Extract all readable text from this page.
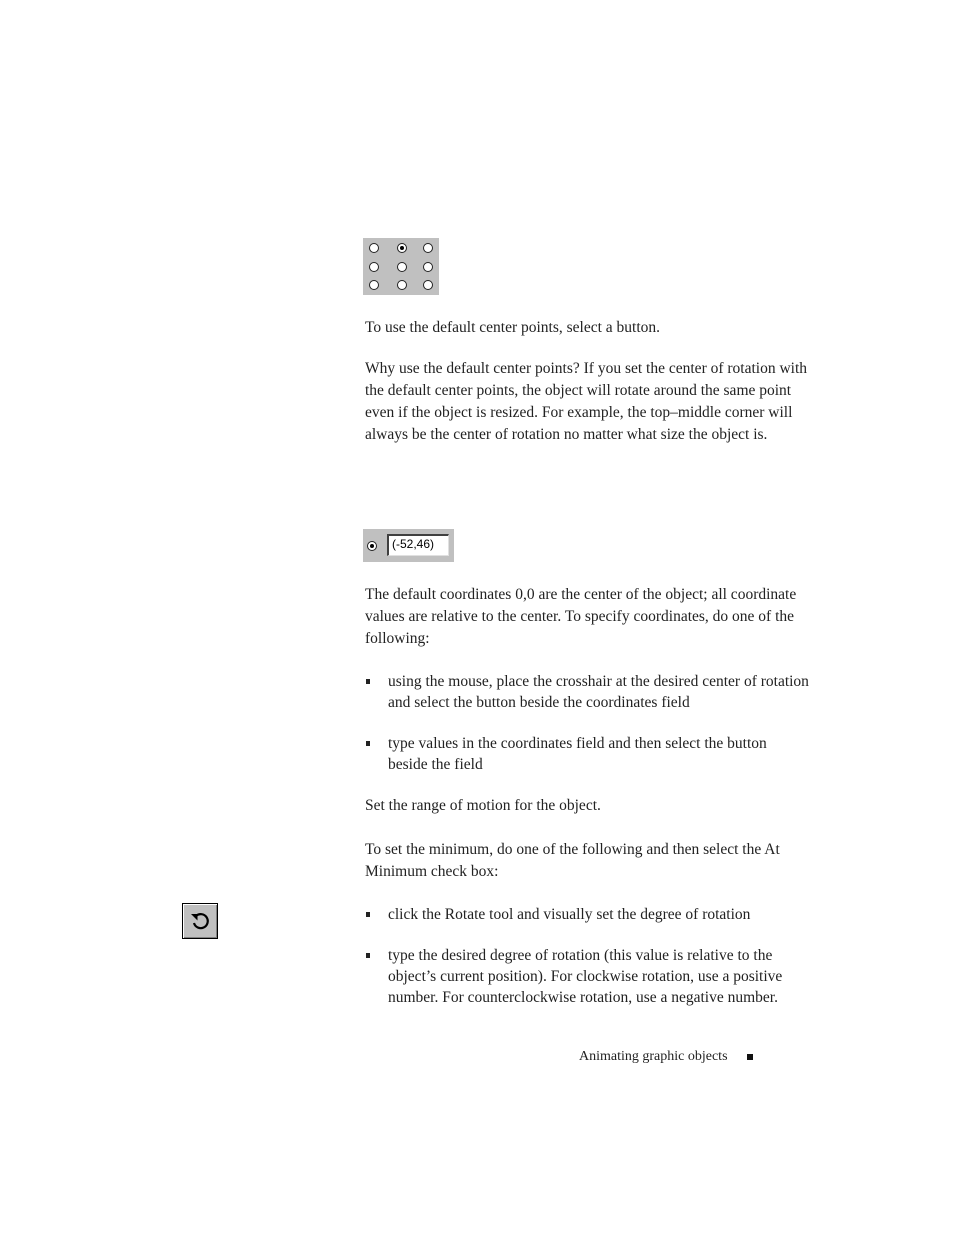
To use the default center points, select a button.

Why use the default center points? If you set the center of rotation with the default center points, the object will rotate around the same point even if the object is resized. For example, the top–middle corner will always be the center of rotation no matter what size the object is.

(-52,46)

The default coordinates 0,0 are the center of the object; all coordinate values are relative to the center. To specify coordinates, do one of the following:

using the mouse, place the crosshair at the desired center of rotation and select the button beside the coordinates field
type values in the coordinates field and then select the button beside the field

Set the range of motion for the object.

To set the minimum, do one of the following and then select the At Minimum check box:

click the Rotate tool and visually set the degree of rotation
type the desired degree of rotation (this value is relative to the object’s current position). For clockwise rotation, use a positive number. For counterclockwise rotation, use a negative number.
Animating graphic objects
